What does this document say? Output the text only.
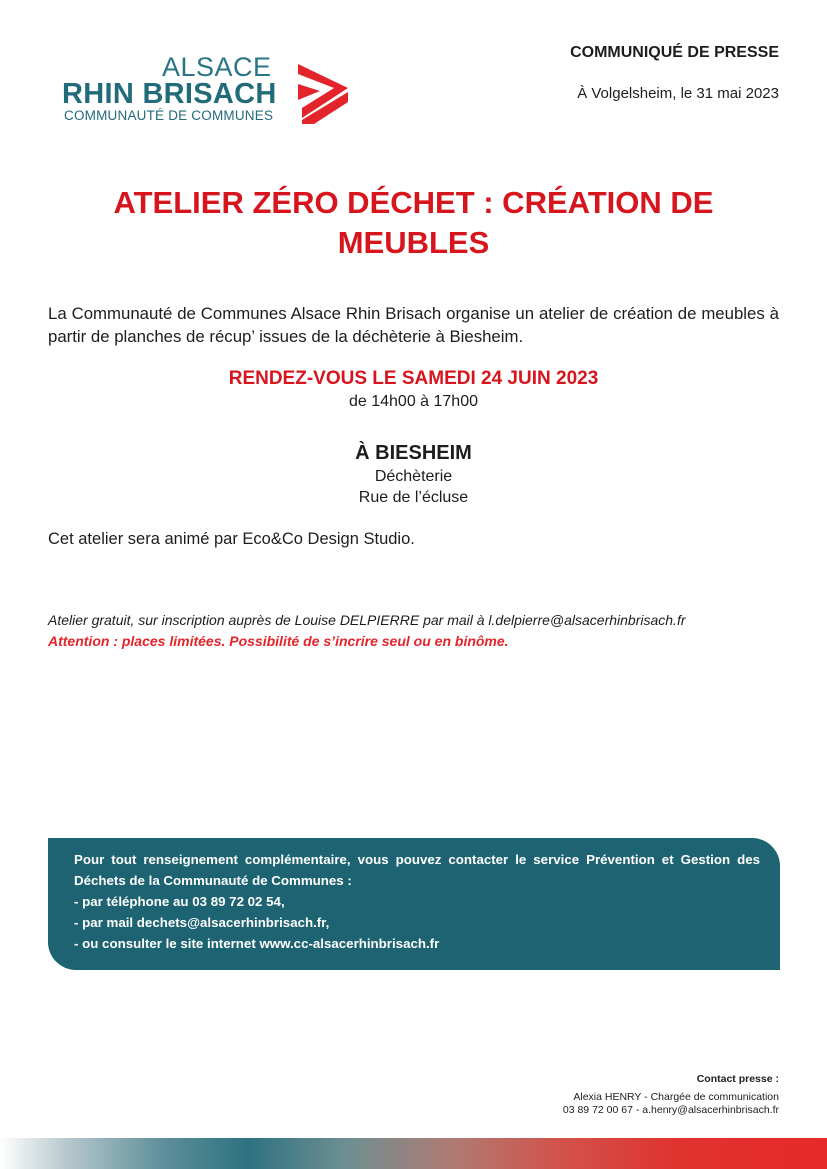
ALSACE
RHIN BRISACH
COMMUNAUTÉ DE COMMUNES
COMMUNIQUÉ DE PRESSE
À Volgelsheim, le 31 mai 2023
ATELIER ZÉRO DÉCHET : CRÉATION DE
MEUBLES

La Communauté de Communes Alsace Rhin Brisach organise un atelier de création de meubles à partir de planches de récup’ issues de la déchèterie à Biesheim.

RENDEZ-VOUS LE SAMEDI 24 JUIN 2023
de 14h00 à 17h00
À BIESHEIM
Déchèterie
Rue de l’écluse
Cet atelier sera animé par Eco&Co Design Studio.
Atelier gratuit, sur inscription auprès de Louise DELPIERRE par mail à l.delpierre@alsacerhinbrisach.fr
Attention : places limitées. Possibilité de s’incrire seul ou en binôme.
Pour tout renseignement complémentaire, vous pouvez contacter le service Prévention et Gestion des Déchets de la Communauté de Communes :
- par téléphone au 03 89 72 02 54,
- par mail dechets@alsacerhinbrisach.fr,
- ou consulter le site internet www.cc-alsacerhinbrisach.fr
Contact presse :
Alexia HENRY - Chargée de communication
03 89 72 00 67 - a.henry@alsacerhinbrisach.fr
